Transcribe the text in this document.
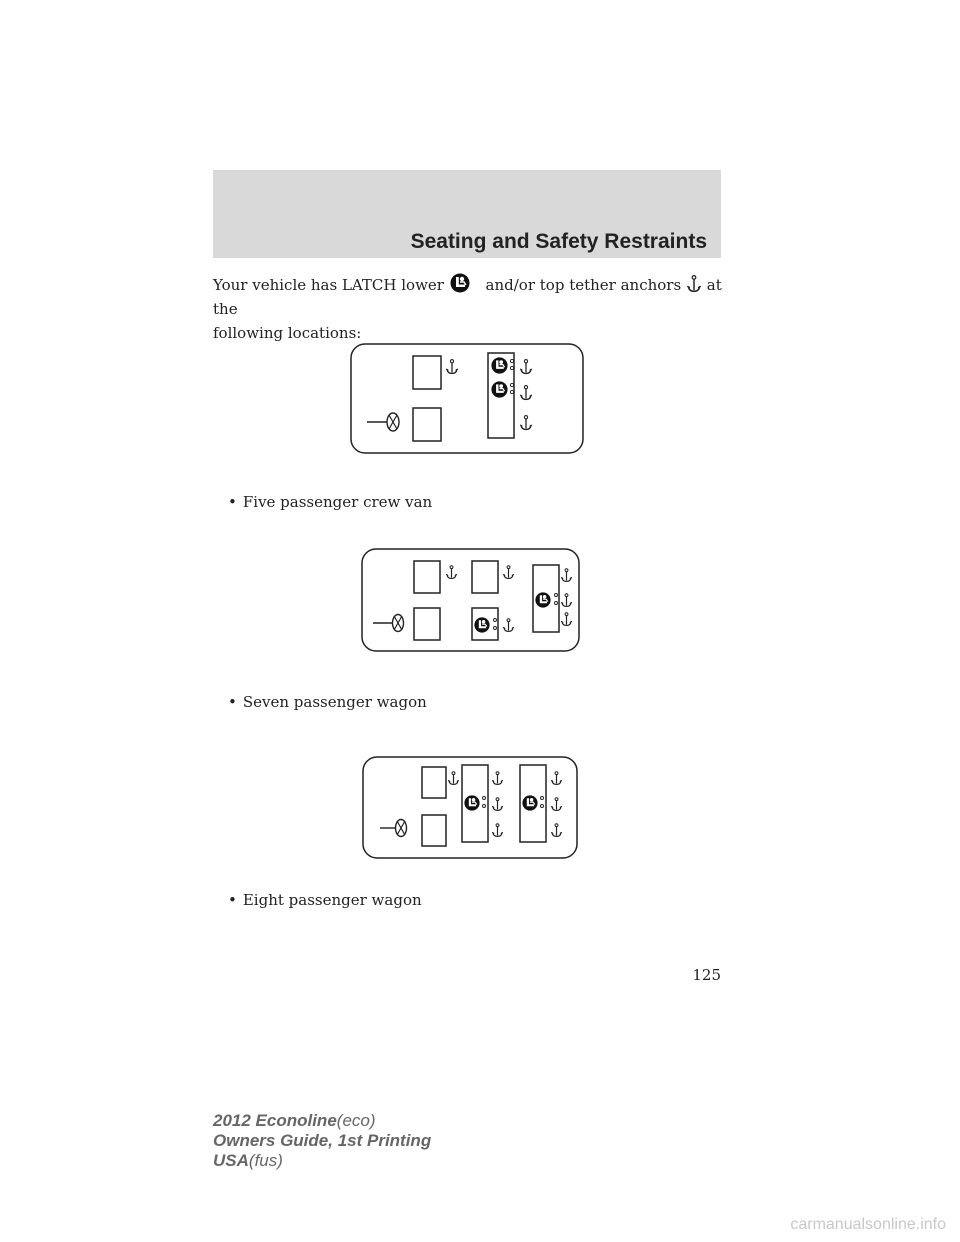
Seating and Safety Restraints
Your vehicle has LATCH lower	and/or top tether anchors at the
following locations:
• Five passenger crew van
• Seven passenger wagon
• Eight passenger wagon
125
2012 Econoline(eco)
Owners Guide, 1st Printing
USA(fus)
carmanualsonline.info
